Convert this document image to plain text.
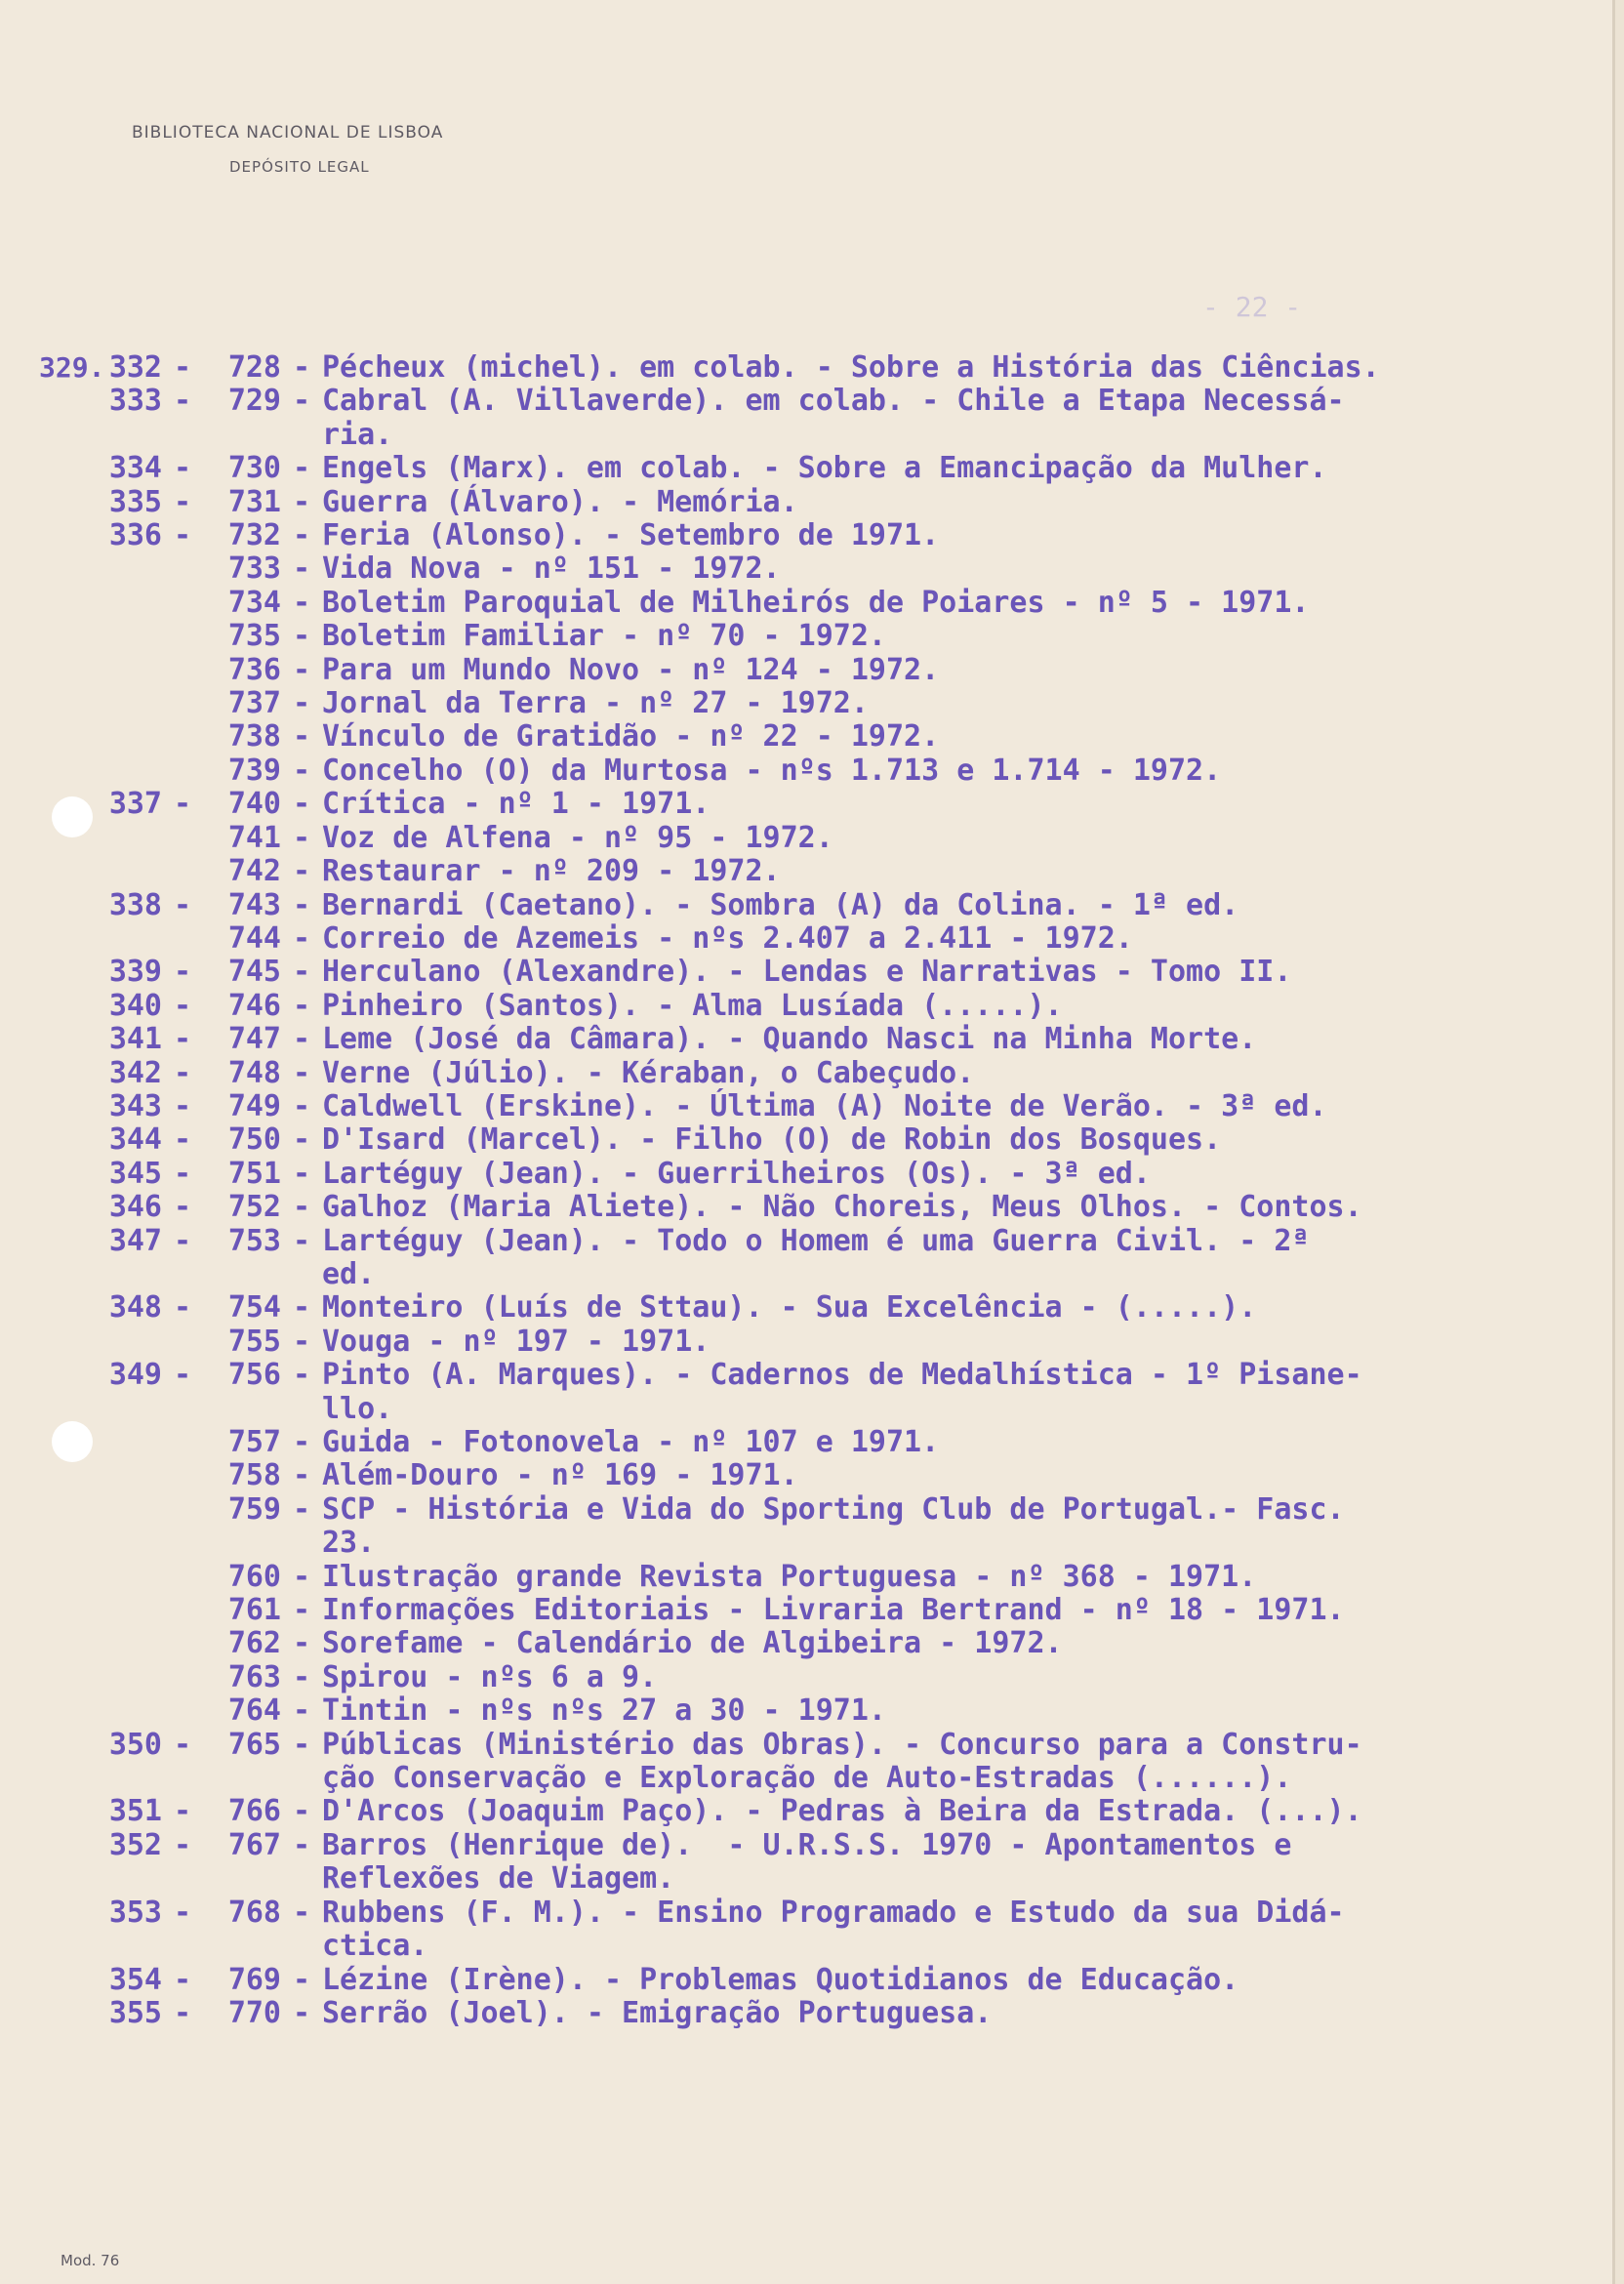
BIBLIOTECA NACIONAL DE LISBOA
DEPÓSITO LEGAL
- 22 -
329. 332 -	728 - Pécheux (michel). em colab. - Sobre a História das Ciências.
333 -	729 - Cabral (A. Villaverde). em colab. - Chile a Etapa Necessá-
ria.
334 -	730 - Engels (Marx). em colab. - Sobre a Emancipação da Mulher.
335 -	731 - Guerra (Álvaro). - Memória.
336 -	732 - Feria (Alonso). - Setembro de 1971.
733 - Vida Nova - nº 151 - 1972.
734 - Boletim Paroquial de Milheirós de Poiares - nº 5 - 1971.
735 - Boletim Familiar - nº 70 - 1972.
736 - Para um Mundo Novo - nº 124 - 1972.
737 - Jornal da Terra - nº 27 - 1972.
738 - Vínculo de Gratidão - nº 22 - 1972.
739 - Concelho (O) da Murtosa - nºs 1.713 e 1.714 - 1972.
337 -	740 - Crítica - nº 1 - 1971.
741 - Voz de Alfena - nº 95 - 1972.
742 - Restaurar - nº 209 - 1972.
338 -	743 - Bernardi (Caetano). - Sombra (A) da Colina. - 1ª ed.
744 - Correio de Azemeis - nºs 2.407 a 2.411 - 1972.
339 -	745 - Herculano (Alexandre). - Lendas e Narrativas - Tomo II.
340 -	746 - Pinheiro (Santos). - Alma Lusíada (.....).
341 -	747 - Leme (José da Câmara). - Quando Nasci na Minha Morte.
342 -	748 - Verne (Júlio). - Kéraban, o Cabeçudo.
343 -	749 - Caldwell (Erskine). - Última (A) Noite de Verão. - 3ª ed.
344 -	750 - D'Isard (Marcel). - Filho (O) de Robin dos Bosques.
345 -	751 - Lartéguy (Jean). - Guerrilheiros (Os). - 3ª ed.
346 -	752 - Galhoz (Maria Aliete). - Não Choreis, Meus Olhos. - Contos.
347 -	753 - Lartéguy (Jean). - Todo o Homem é uma Guerra Civil. - 2ª
ed.
348 -	754 - Monteiro (Luís de Sttau). - Sua Excelência - (.....).
755 - Vouga - nº 197 - 1971.
349 -	756 - Pinto (A. Marques). - Cadernos de Medalhística - 1º Pisane-
llo.
757 - Guida - Fotonovela - nº 107 e 1971.
758 - Além-Douro - nº 169 - 1971.
759 - SCP - História e Vida do Sporting Club de Portugal.- Fasc.
23.
760 - Ilustração grande Revista Portuguesa - nº 368 - 1971.
761 - Informações Editoriais - Livraria Bertrand - nº 18 - 1971.
762 - Sorefame - Calendário de Algibeira - 1972.
763 - Spirou - nºs 6 a 9.
764 - Tintin - nºs nºs 27 a 30 - 1971.
350 -	765 - Públicas (Ministério das Obras). - Concurso para a Constru-
ção Conservação e Exploração de Auto-Estradas (......).
351 -	766 - D'Arcos (Joaquim Paço). - Pedras à Beira da Estrada. (...).
352 -	767 - Barros (Henrique de).  - U.R.S.S. 1970 - Apontamentos e
Reflexões de Viagem.
353 -	768 - Rubbens (F. M.). - Ensino Programado e Estudo da sua Didá-
ctica.
354 -	769 - Lézine (Irène). - Problemas Quotidianos de Educação.
355 -	770 - Serrão (Joel). - Emigração Portuguesa.
Mod. 76
